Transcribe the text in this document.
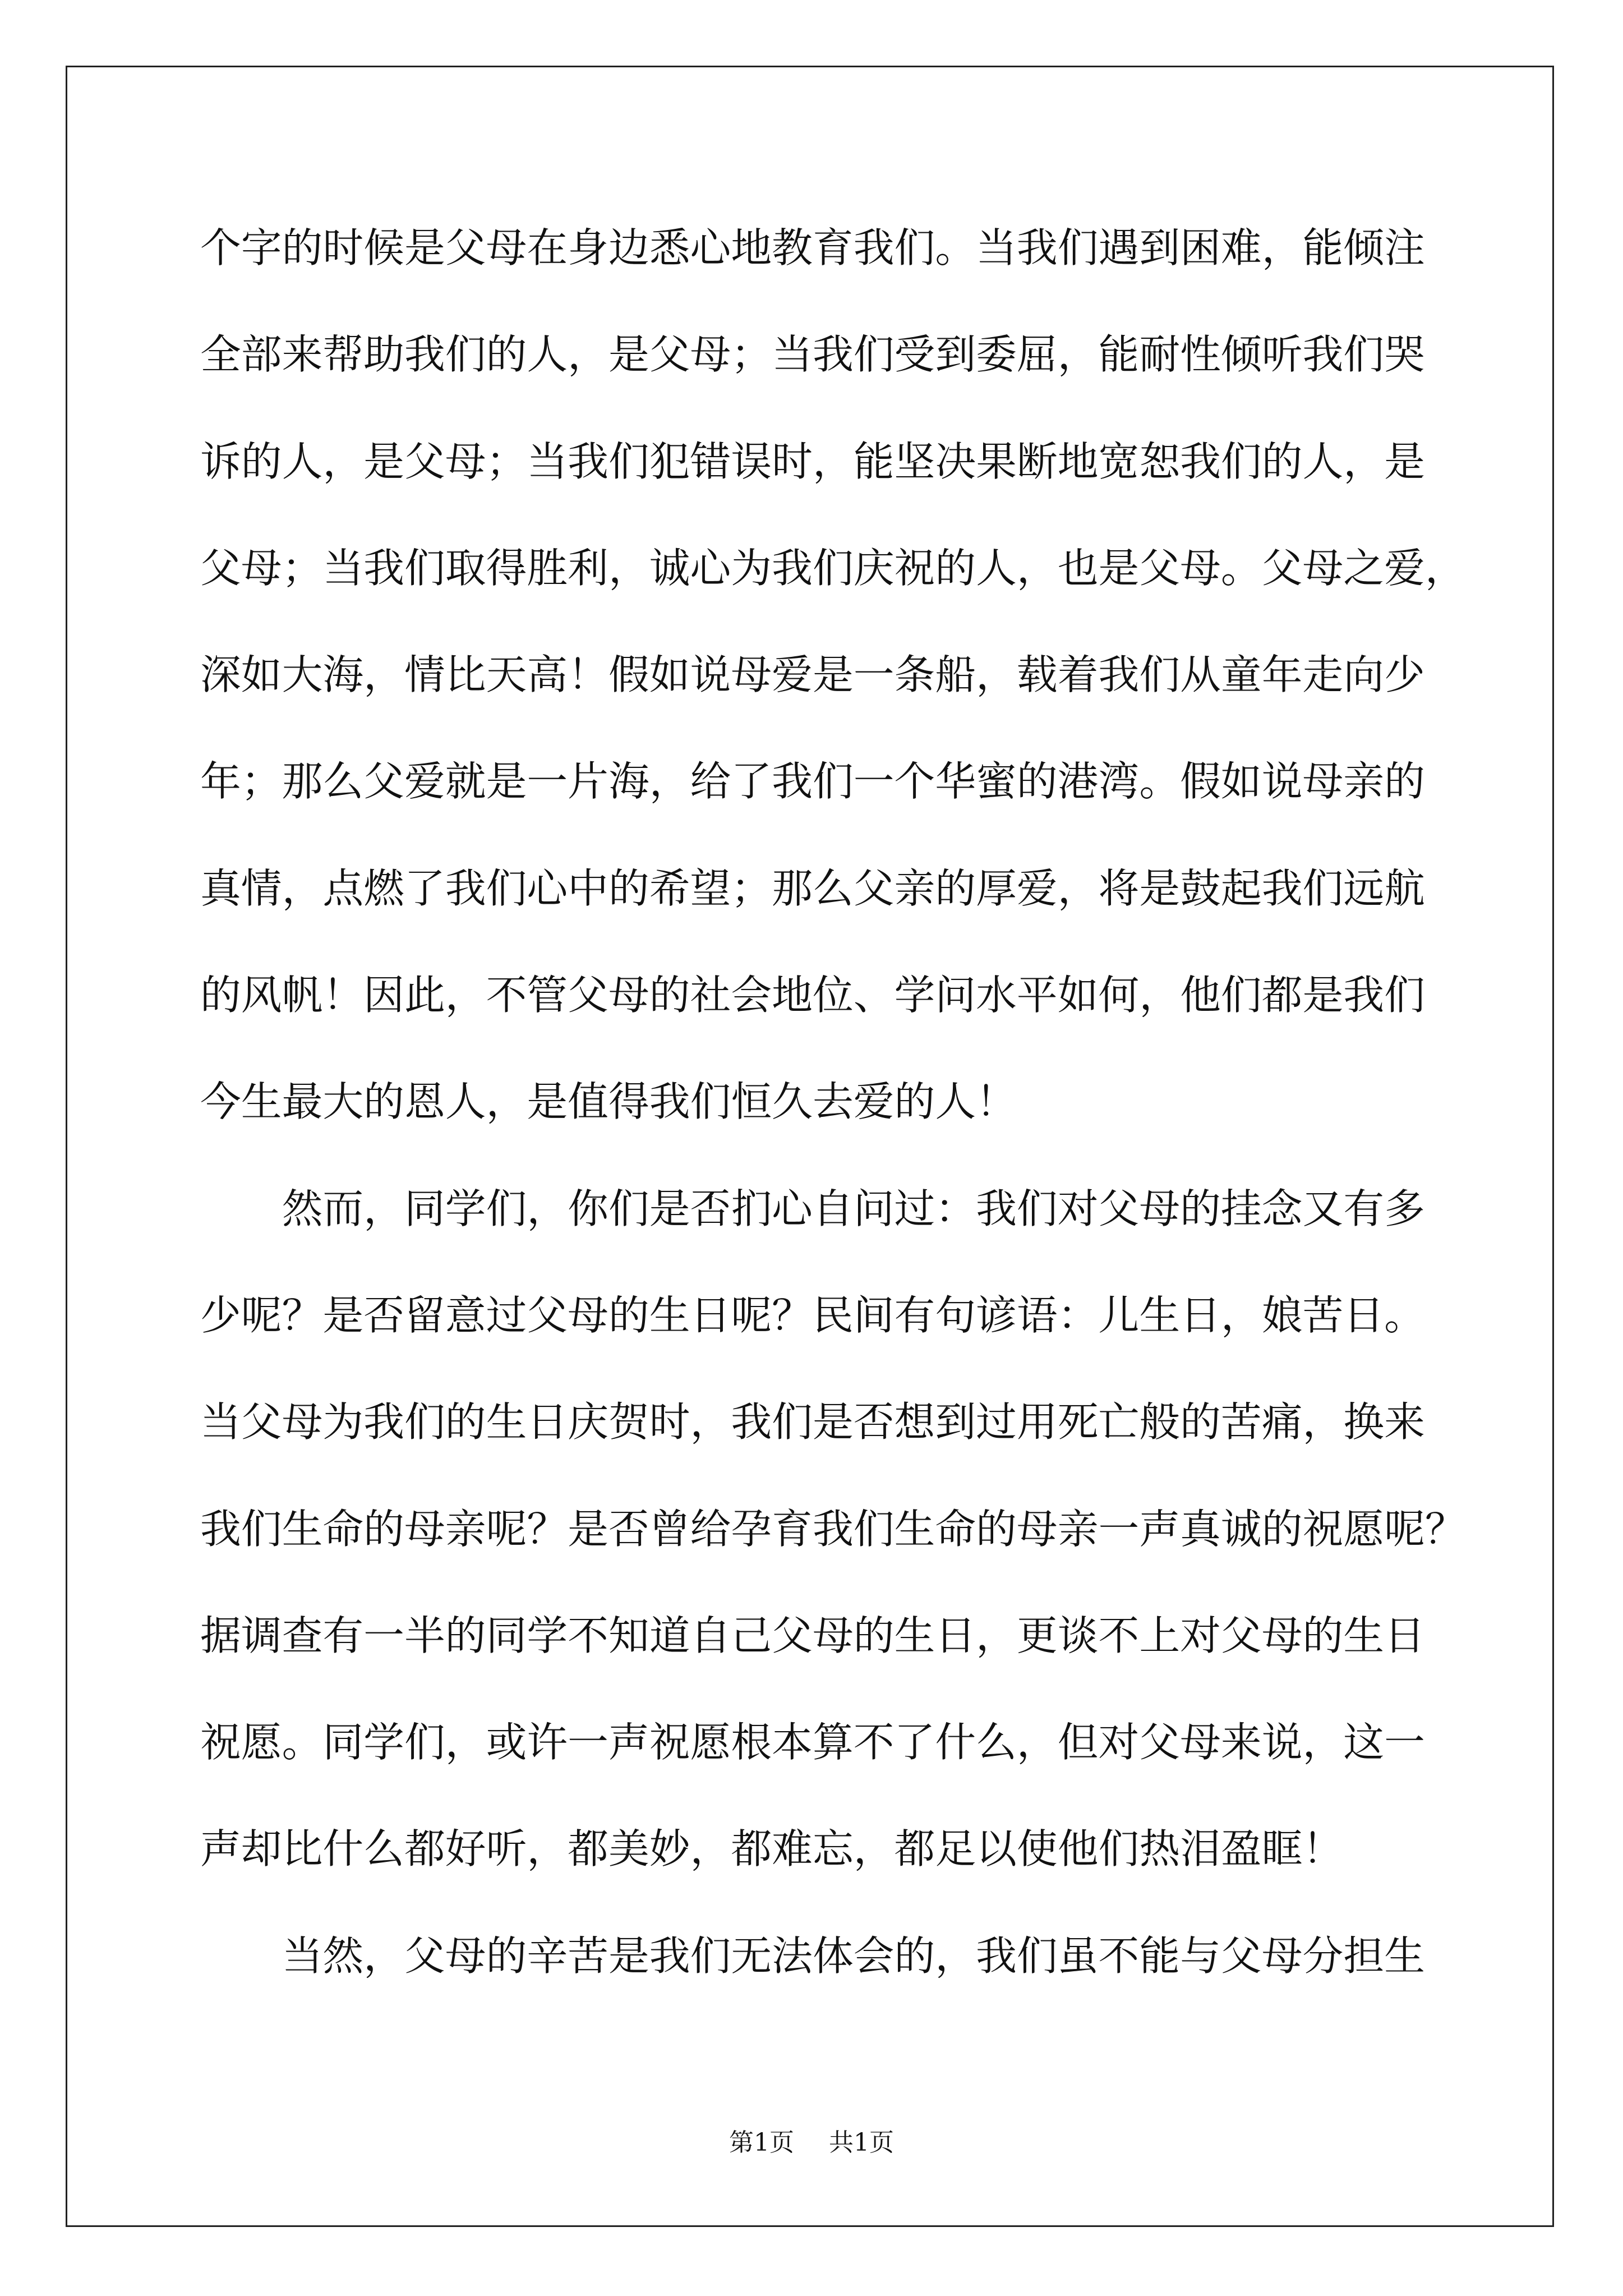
个字的时候是父母在身边悉心地教育我们。当我们遇到困难，能倾注
全部来帮助我们的人，是父母；当我们受到委屈，能耐性倾听我们哭
诉的人，是父母；当我们犯错误时，能坚决果断地宽恕我们的人，是
父母；当我们取得胜利，诚心为我们庆祝的人，也是父母。父母之爱，
深如大海，情比天高！假如说母爱是一条船，载着我们从童年走向少
年；那么父爱就是一片海，给了我们一个华蜜的港湾。假如说母亲的
真情，点燃了我们心中的希望；那么父亲的厚爱，将是鼓起我们远航
的风帆！因此，不管父母的社会地位、学问水平如何，他们都是我们
今生最大的恩人，是值得我们恒久去爱的人！
然而，同学们，你们是否扪心自问过：我们对父母的挂念又有多
少呢？是否留意过父母的生日呢？民间有句谚语：儿生日，娘苦日。
当父母为我们的生日庆贺时，我们是否想到过用死亡般的苦痛，换来
我们生命的母亲呢？是否曾给孕育我们生命的母亲一声真诚的祝愿呢？
据调查有一半的同学不知道自己父母的生日，更谈不上对父母的生日
祝愿。同学们，或许一声祝愿根本算不了什么，但对父母来说，这一
声却比什么都好听，都美妙，都难忘，都足以使他们热泪盈眶！
当然，父母的辛苦是我们无法体会的，我们虽不能与父母分担生
第1页 共1页
